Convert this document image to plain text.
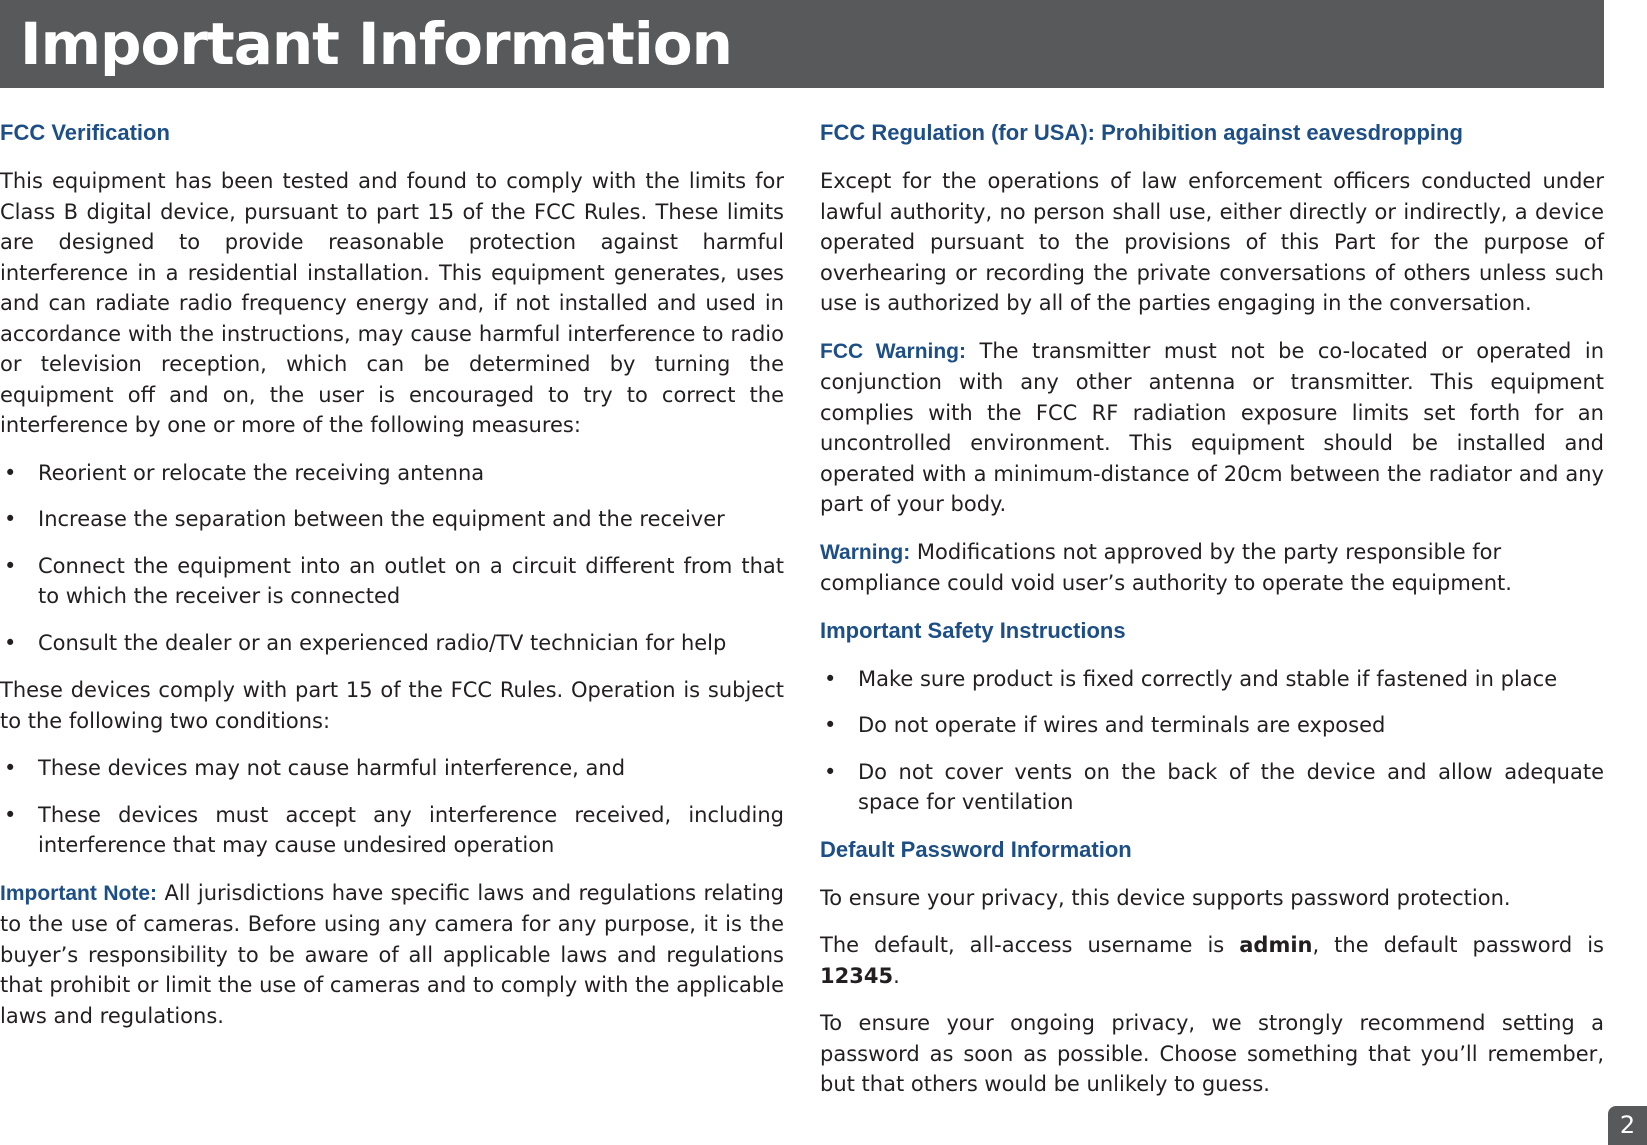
Important Information
FCC Verification

This equipment has been tested and found to comply with the limits for Class B digital device, pursuant to part 15 of the FCC Rules. These limits are designed to provide reasonable protection against harmful interference in a residential installation. This equipment generates, uses and can radiate radio frequency energy and, if not installed and used in accordance with the instructions, may cause harmful interference to radio or television reception, which can be determined by turning the equipment off and on, the user is encouraged to try to correct the interference by one or more of the following measures:

• Reorient or relocate the receiving antenna
• Increase the separation between the equipment and the receiver
• Connect the equipment into an outlet on a circuit different from that to which the receiver is connected
• Consult the dealer or an experienced radio/TV technician for help

These devices comply with part 15 of the FCC Rules. Operation is subject to the following two conditions:

• These devices may not cause harmful interference, and
• These devices must accept any interference received, including interference that may cause undesired operation

Important Note: All jurisdictions have specific laws and regulations relating to the use of cameras. Before using any camera for any purpose, it is the buyer’s responsibility to be aware of all applicable laws and regulations that prohibit or limit the use of cameras and to comply with the applicable laws and regulations.

FCC Regulation (for USA): Prohibition against eavesdropping

Except for the operations of law enforcement officers conducted under lawful authority, no person shall use, either directly or indirectly, a device operated pursuant to the provisions of this Part for the purpose of overhearing or recording the private conversations of others unless such use is authorized by all of the parties engaging in the conversation.

FCC Warning: The transmitter must not be co-located or operated in conjunction with any other antenna or transmitter. This equipment complies with the FCC RF radiation exposure limits set forth for an uncontrolled environment. This equipment should be installed and operated with a minimum-distance of 20cm between the radiator and any part of your body.

Warning: Modifications not approved by the party responsible for compliance could void user’s authority to operate the equipment.

Important Safety Instructions
• Make sure product is fixed correctly and stable if fastened in place
• Do not operate if wires and terminals are exposed
• Do not cover vents on the back of the device and allow adequate space for ventilation
Default Password Information

To ensure your privacy, this device supports password protection.

The default, all-access username is admin, the default password is 12345.

To ensure your ongoing privacy, we strongly recommend setting a password as soon as possible. Choose something that you’ll remember, but that others would be unlikely to guess.

2
